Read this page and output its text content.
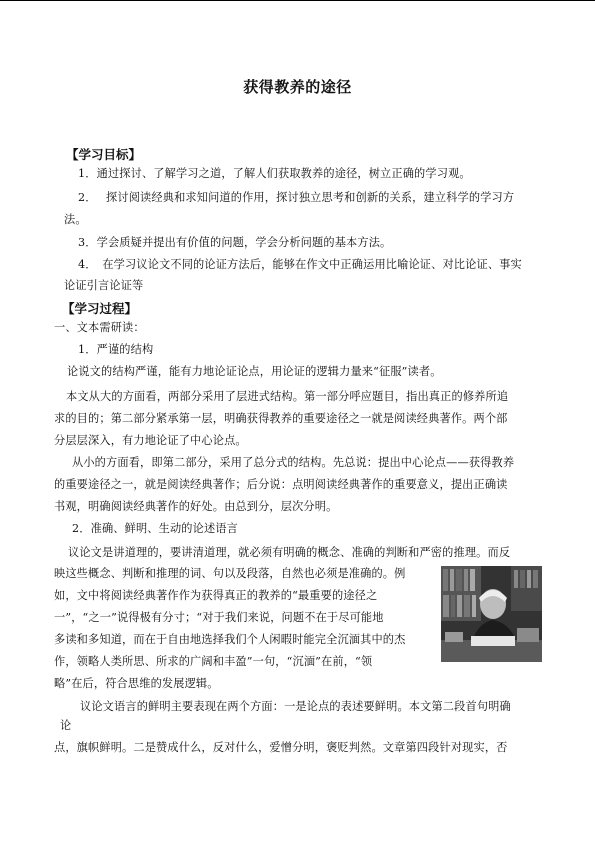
获得教养的途径
【学习目标】
1．通过探讨、了解学习之道，了解人们获取教养的途径，树立正确的学习观。
2．　 探讨阅读经典和求知问道的作用，探讨独立思考和创新的关系，建立科学的学习方
法。
3．学会质疑并提出有价值的问题，学会分析问题的基本方法。
4．　在学习议论文不同的论证方法后，能够在作文中正确运用比喻论证、对比论证、事实
论证引言论证等
【学习过程】
一、文本需研读：
1．严谨的结构
论说文的结构严谨，能有力地论证论点，用论证的逻辑力量来“征服”读者。
本文从大的方面看，两部分采用了层进式结构。第一部分呼应题目，指出真正的修养所追
求的目的；第二部分紧承第一层，明确获得教养的重要途径之一就是阅读经典著作。两个部
分层层深入，有力地论证了中心论点。
从小的方面看，即第二部分，采用了总分式的结构。先总说：提出中心论点——获得教养
的重要途径之一，就是阅读经典著作；后分说：点明阅读经典著作的重要意义，提出正确读
书观，明确阅读经典著作的好处。由总到分，层次分明。
2．准确、鲜明、生动的论述语言
议论文是讲道理的，要讲清道理，就必须有明确的概念、准确的判断和严密的推理。而反
映这些概念、判断和推理的词、句以及段落，自然也必须是准确的。例
如，文中将阅读经典著作作为获得真正的教养的“最重要的途径之
一”，“之一”说得极有分寸；“对于我们来说，问题不在于尽可能地
多读和多知道，而在于自由地选择我们个人闲暇时能完全沉湎其中的杰
作，领略人类所思、所求的广阔和丰盈”一句，“沉湎”在前，“领
略”在后，符合思维的发展逻辑。
议论文语言的鲜明主要表现在两个方面：一是论点的表述要鲜明。本文第二段首句明确
论
点，旗帜鲜明。二是赞成什么，反对什么，爱憎分明，褒贬判然。文章第四段针对现实，否
